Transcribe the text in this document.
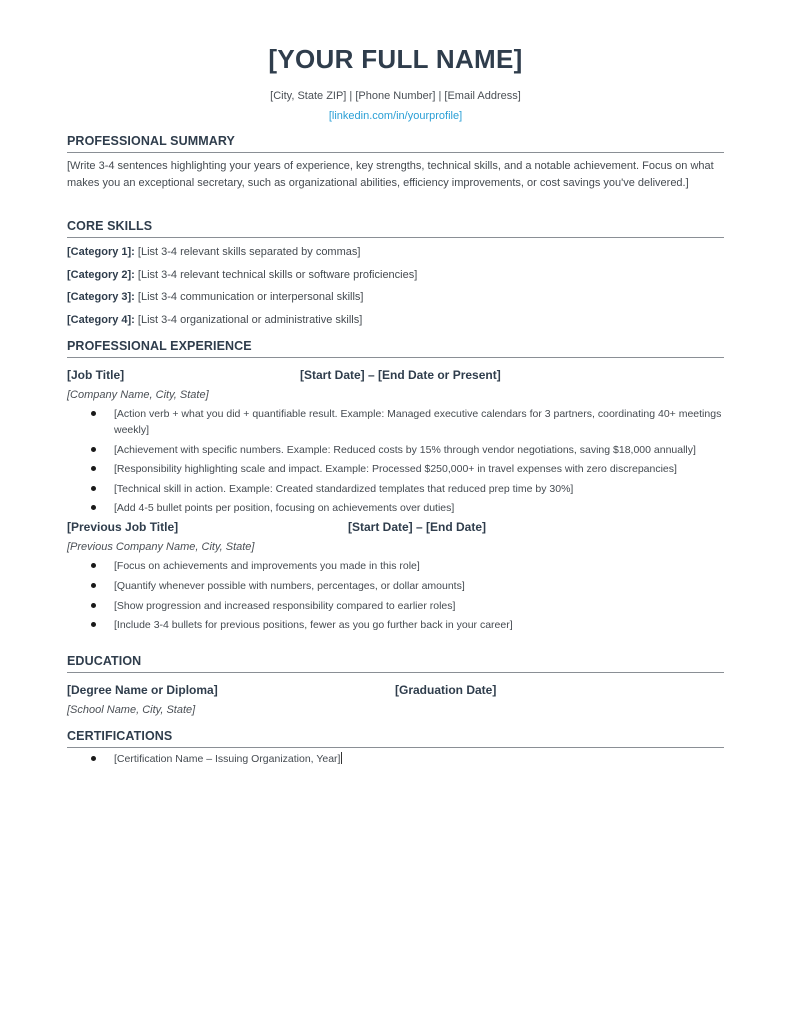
[YOUR FULL NAME]
[City, State ZIP] | [Phone Number] | [Email Address]
[linkedin.com/in/yourprofile]
PROFESSIONAL SUMMARY
[Write 3-4 sentences highlighting your years of experience, key strengths, technical skills, and a notable achievement. Focus on what makes you an exceptional secretary, such as organizational abilities, efficiency improvements, or cost savings you've delivered.]
CORE SKILLS
[Category 1]: [List 3-4 relevant skills separated by commas]
[Category 2]: [List 3-4 relevant technical skills or software proficiencies]
[Category 3]: [List 3-4 communication or interpersonal skills]
[Category 4]: [List 3-4 organizational or administrative skills]
PROFESSIONAL EXPERIENCE
[Job Title]	[Start Date] – [End Date or Present]
[Company Name, City, State]
[Action verb + what you did + quantifiable result. Example: Managed executive calendars for 3 partners, coordinating 40+ meetings weekly]
[Achievement with specific numbers. Example: Reduced costs by 15% through vendor negotiations, saving $18,000 annually]
[Responsibility highlighting scale and impact. Example: Processed $250,000+ in travel expenses with zero discrepancies]
[Technical skill in action. Example: Created standardized templates that reduced prep time by 30%]
[Add 4-5 bullet points per position, focusing on achievements over duties]
[Previous Job Title]	[Start Date] – [End Date]
[Previous Company Name, City, State]
[Focus on achievements and improvements you made in this role]
[Quantify whenever possible with numbers, percentages, or dollar amounts]
[Show progression and increased responsibility compared to earlier roles]
[Include 3-4 bullets for previous positions, fewer as you go further back in your career]
EDUCATION
[Degree Name or Diploma]	[Graduation Date]
[School Name, City, State]
CERTIFICATIONS
[Certification Name – Issuing Organization, Year]
